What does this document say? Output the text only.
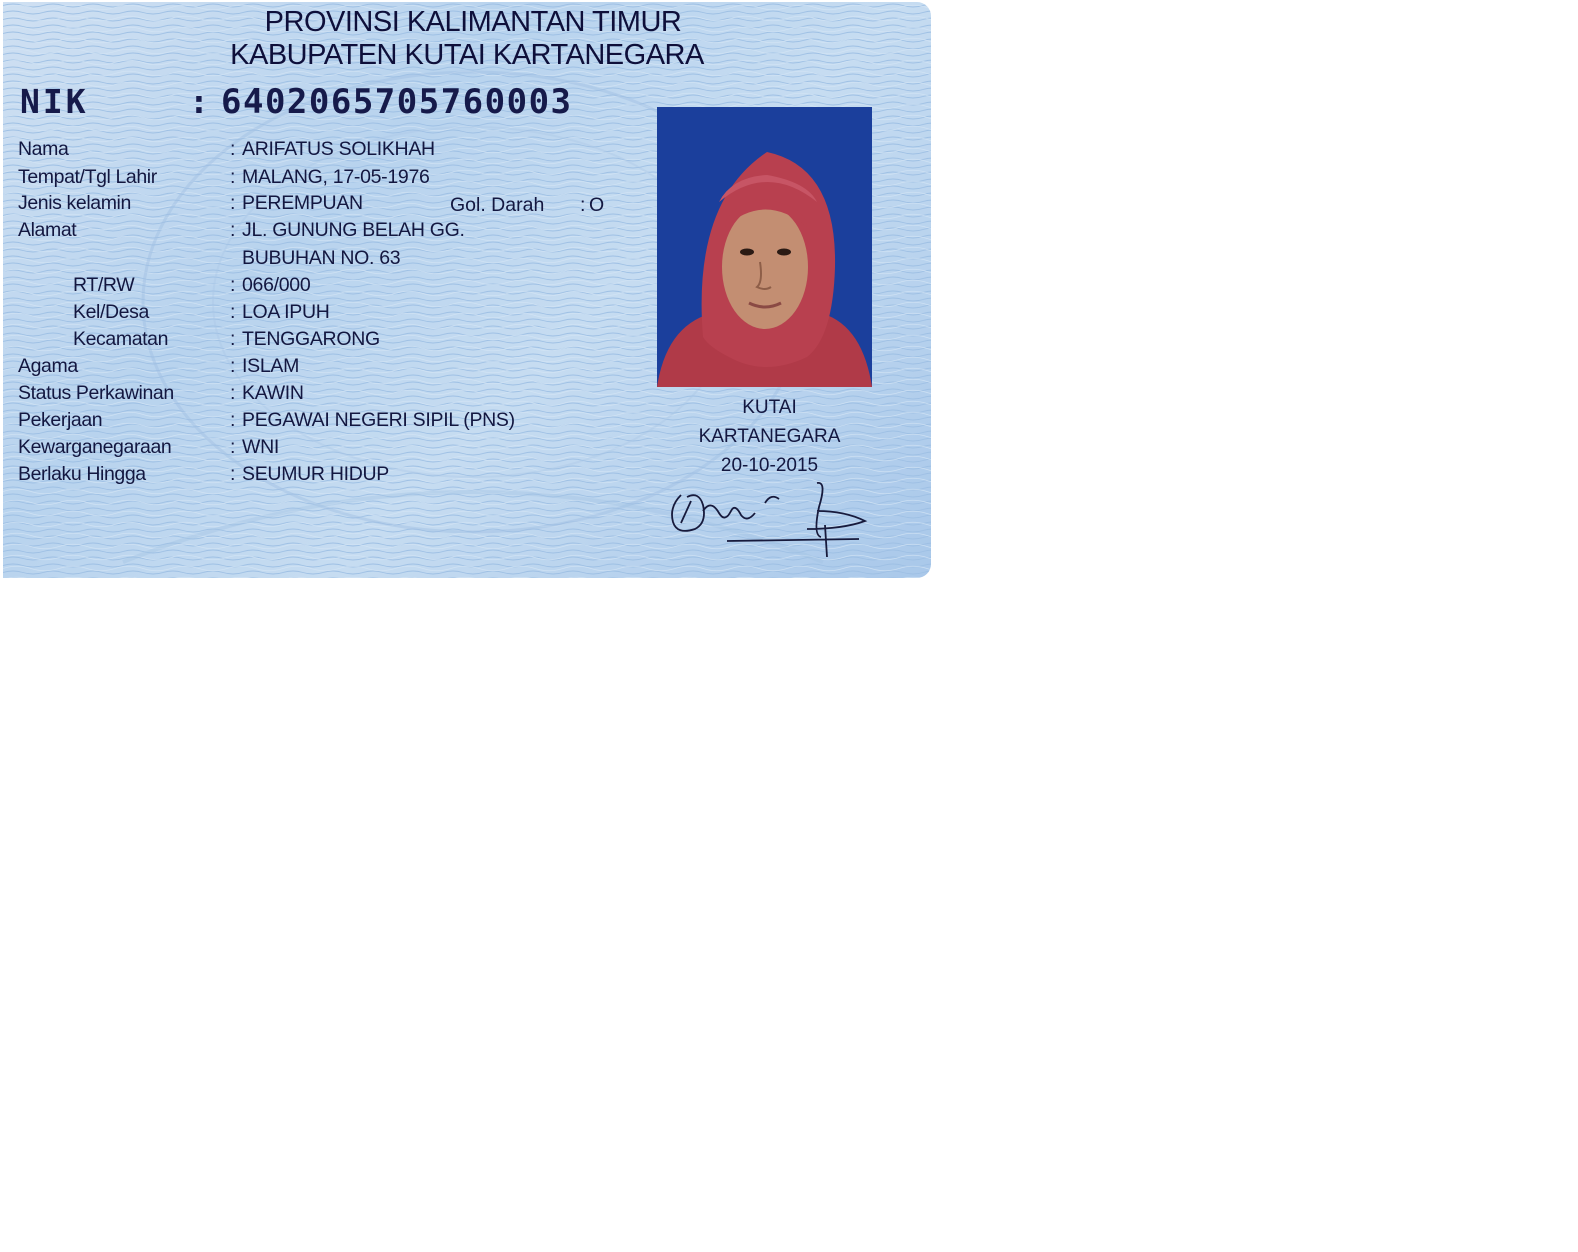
PROVINSI KALIMANTAN TIMUR
KABUPATEN KUTAI KARTANEGARA
NIK	: 6402065705760003
Nama	: ARIFATUS SOLIKHAH
Tempat/Tgl Lahir	: MALANG, 17-05-1976
Jenis kelamin	: PEREMPUAN	Gol. Darah : O
Alamat	: JL. GUNUNG BELAH GG.
BUBUHAN NO. 63
RT/RW	: 066/000
Kel/Desa	: LOA IPUH
Kecamatan	: TENGGARONG
Agama	: ISLAM
Status Perkawinan	: KAWIN
Pekerjaan	: PEGAWAI NEGERI SIPIL (PNS)
Kewarganegaraan	: WNI
Berlaku Hingga	: SEUMUR HIDUP
KUTAI
KARTANEGARA
20-10-2015
